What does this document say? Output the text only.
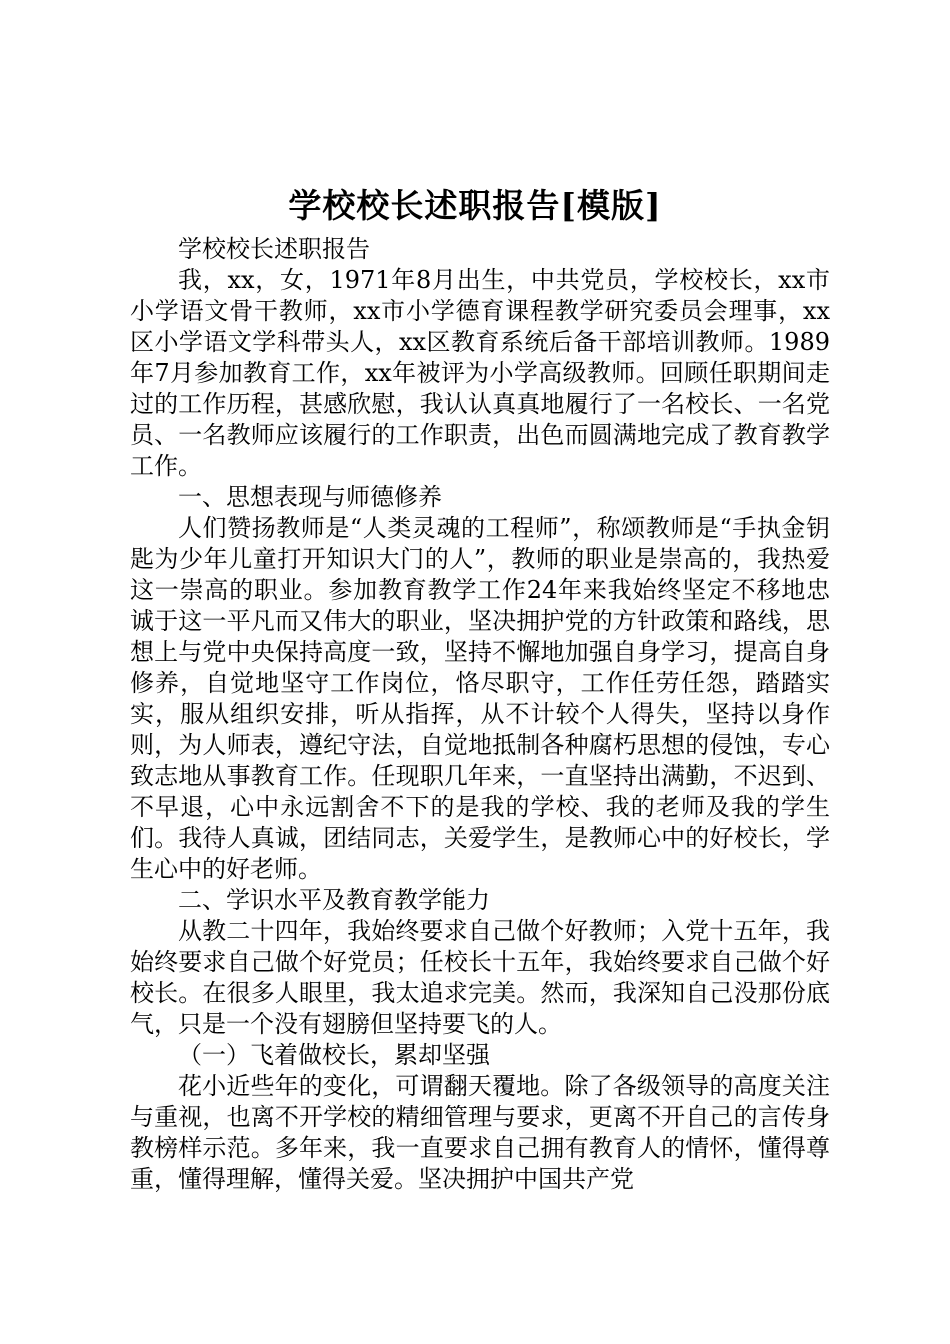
学校校长述职报告[模版]

学校校长述职报告

我，xx，女，1971年8月出生，中共党员，学校校长，xx市小学语文骨干教师，xx市小学德育课程教学研究委员会理事，xx区小学语文学科带头人，xx区教育系统后备干部培训教师。1989年7月参加教育工作，xx年被评为小学高级教师。回顾任职期间走过的工作历程，甚感欣慰，我认认真真地履行了一名校长、一名党员、一名教师应该履行的工作职责，出色而圆满地完成了教育教学工作。

一、思想表现与师德修养

人们赞扬教师是“人类灵魂的工程师”，称颂教师是“手执金钥匙为少年儿童打开知识大门的人”，教师的职业是崇高的，我热爱这一崇高的职业。参加教育教学工作24年来我始终坚定不移地忠诚于这一平凡而又伟大的职业，坚决拥护党的方针政策和路线，思想上与党中央保持高度一致，坚持不懈地加强自身学习，提高自身修养，自觉地坚守工作岗位，恪尽职守，工作任劳任怨，踏踏实实，服从组织安排，听从指挥，从不计较个人得失，坚持以身作则，为人师表，遵纪守法，自觉地抵制各种腐朽思想的侵蚀，专心致志地从事教育工作。任现职几年来，一直坚持出满勤，不迟到、不早退，心中永远割舍不下的是我的学校、我的老师及我的学生们。我待人真诚，团结同志，关爱学生，是教师心中的好校长，学生心中的好老师。

二、学识水平及教育教学能力

从教二十四年，我始终要求自己做个好教师；入党十五年，我始终要求自己做个好党员；任校长十五年，我始终要求自己做个好校长。在很多人眼里，我太追求完美。然而，我深知自己没那份底气，只是一个没有翅膀但坚持要飞的人。

（一）飞着做校长，累却坚强

花小近些年的变化，可谓翻天覆地。除了各级领导的高度关注与重视，也离不开学校的精细管理与要求，更离不开自己的言传身教榜样示范。多年来，我一直要求自己拥有教育人的情怀，懂得尊重，懂得理解，懂得关爱。坚决拥护中国共产党
